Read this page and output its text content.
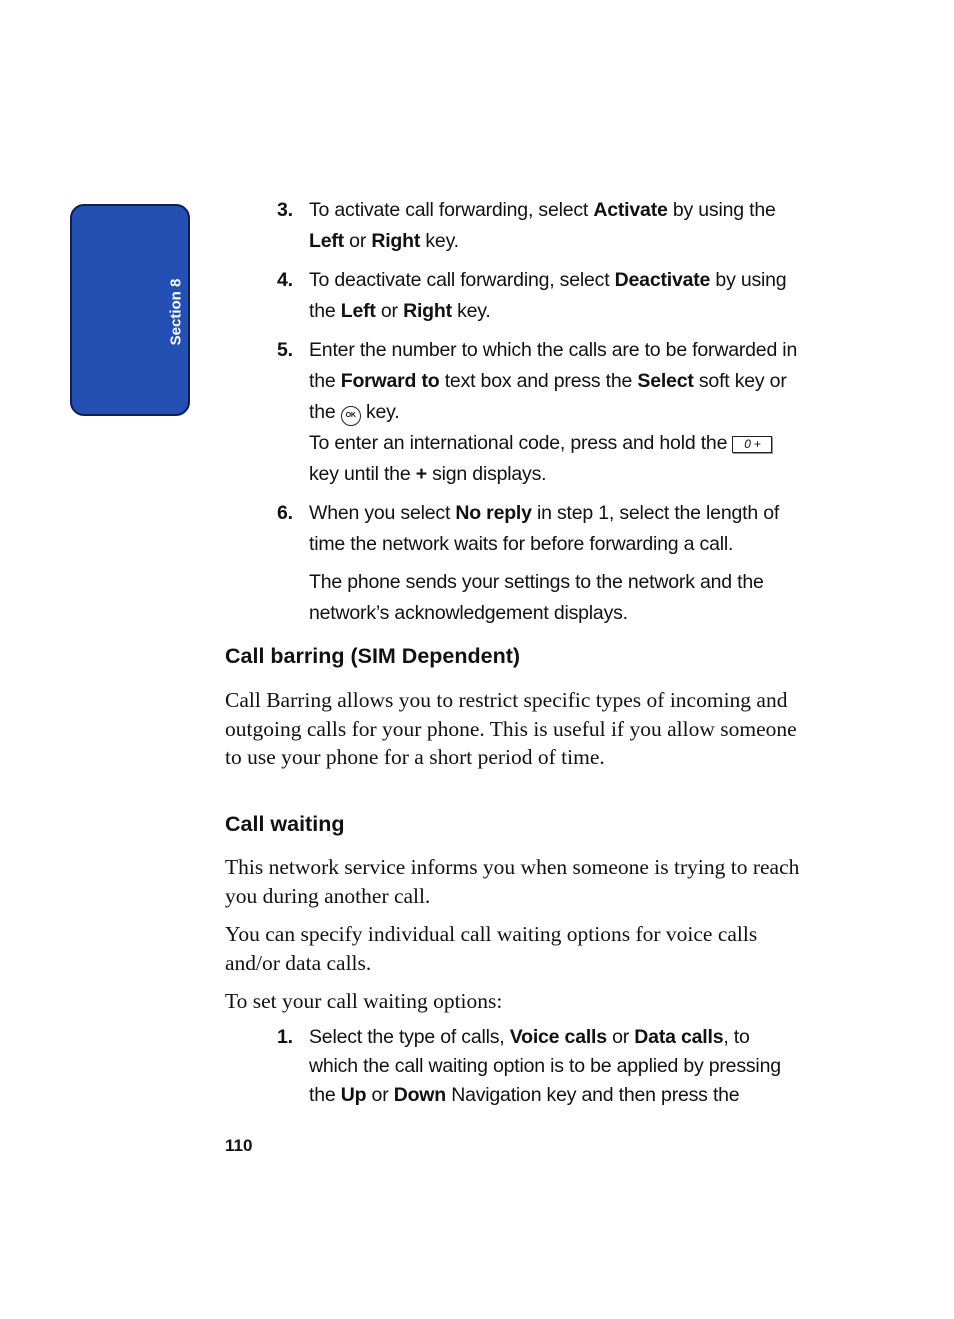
Section 8
3. To activate call forwarding, select Activate by using the Left or Right key.
4. To deactivate call forwarding, select Deactivate by using the Left or Right key.
5. Enter the number to which the calls are to be forwarded in the Forward to text box and press the Select soft key or the OK key.
To enter an international code, press and hold the 0 + key until the + sign displays.
6. When you select No reply in step 1, select the length of time the network waits for before forwarding a call.
The phone sends your settings to the network and the network’s acknowledgement displays.
Call barring (SIM Dependent)
Call Barring allows you to restrict specific types of incoming and outgoing calls for your phone. This is useful if you allow someone to use your phone for a short period of time.
Call waiting
This network service informs you when someone is trying to reach you during another call.
You can specify individual call waiting options for voice calls and/or data calls.
To set your call waiting options:
1. Select the type of calls, Voice calls or Data calls, to which the call waiting option is to be applied by pressing the Up or Down Navigation key and then press the
110
